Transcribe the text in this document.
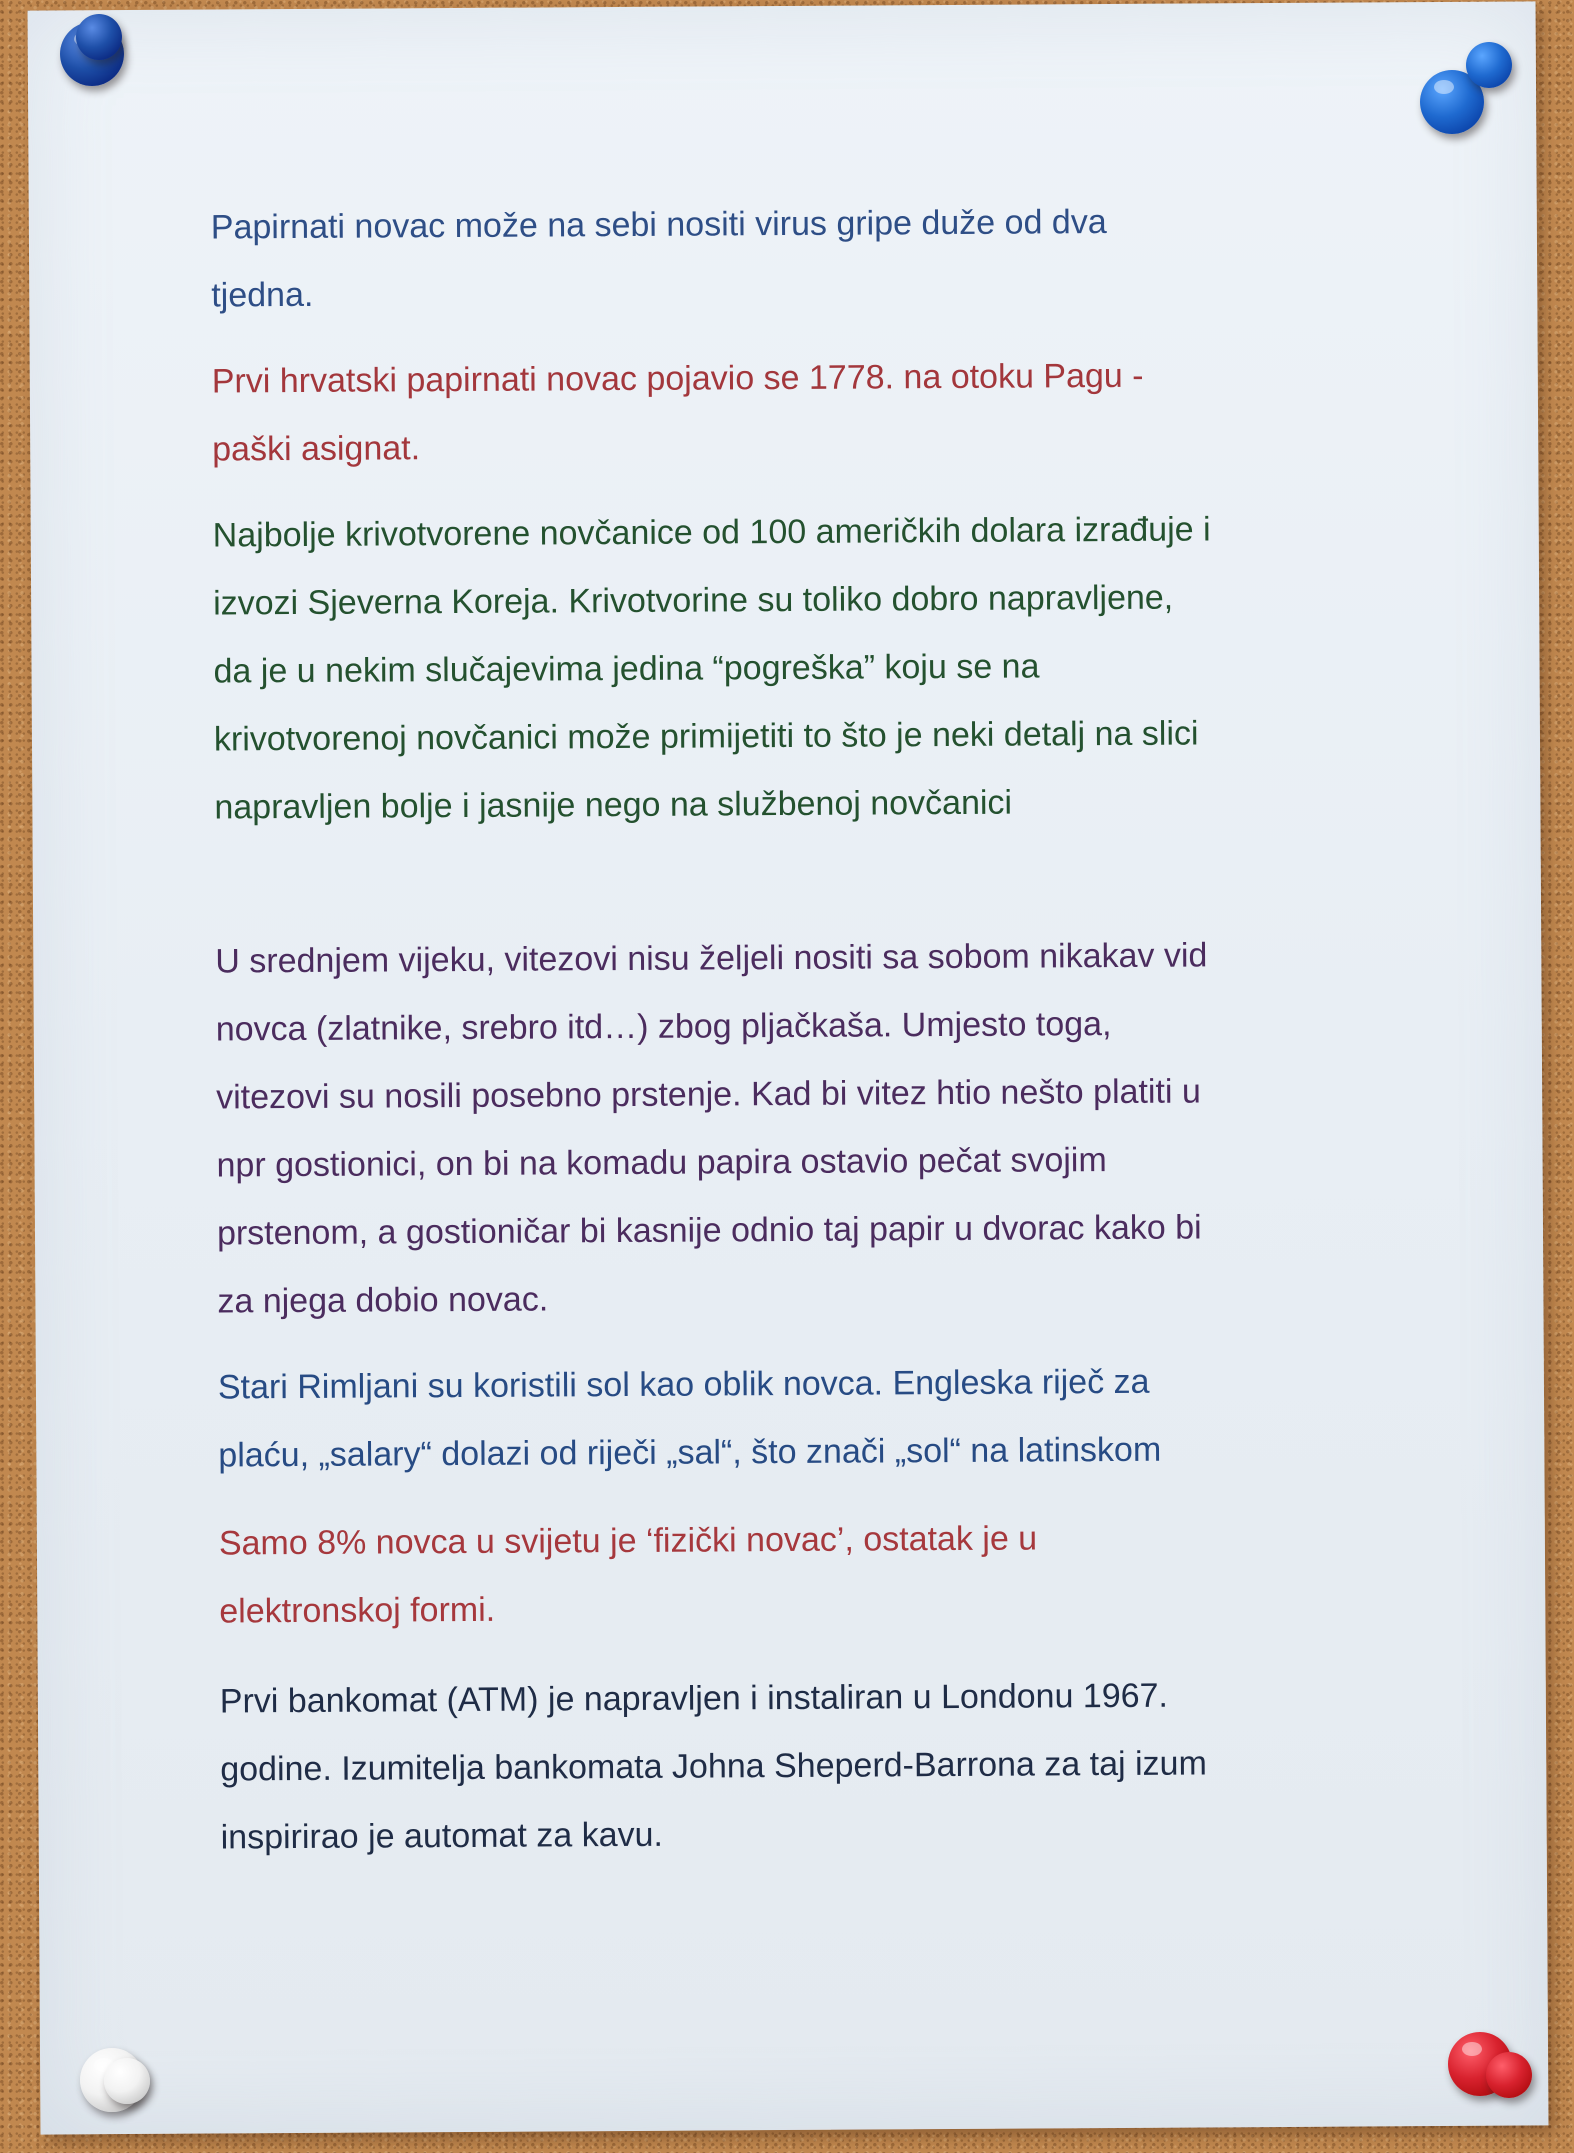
Papirnati novac može na sebi nositi virus gripe duže od dva
tjedna.
Prvi hrvatski papirnati novac pojavio se 1778. na otoku Pagu -
paški asignat.
Najbolje krivotvorene novčanice od 100 američkih dolara izrađuje i
izvozi Sjeverna Koreja. Krivotvorine su toliko dobro napravljene,
da je u nekim slučajevima jedina “pogreška” koju se na
krivotvorenoj novčanici može primijetiti to što je neki detalj na slici
napravljen bolje i jasnije nego na službenoj novčanici
U srednjem vijeku, vitezovi nisu željeli nositi sa sobom nikakav vid
novca (zlatnike, srebro itd…) zbog pljačkaša. Umjesto toga,
vitezovi su nosili posebno prstenje. Kad bi vitez htio nešto platiti u
npr gostionici, on bi na komadu papira ostavio pečat svojim
prstenom, a gostioničar bi kasnije odnio taj papir u dvorac kako bi
za njega dobio novac.
Stari Rimljani su koristili sol kao oblik novca. Engleska riječ za
plaću, „salary“ dolazi od riječi „sal“, što znači „sol“ na latinskom
Samo 8% novca u svijetu je ‘fizički novac’, ostatak je u
elektronskoj formi.
Prvi bankomat (ATM) je napravljen i instaliran u Londonu 1967.
godine. Izumitelja bankomata Johna Sheperd-Barrona za taj izum
inspirirao je automat za kavu.
